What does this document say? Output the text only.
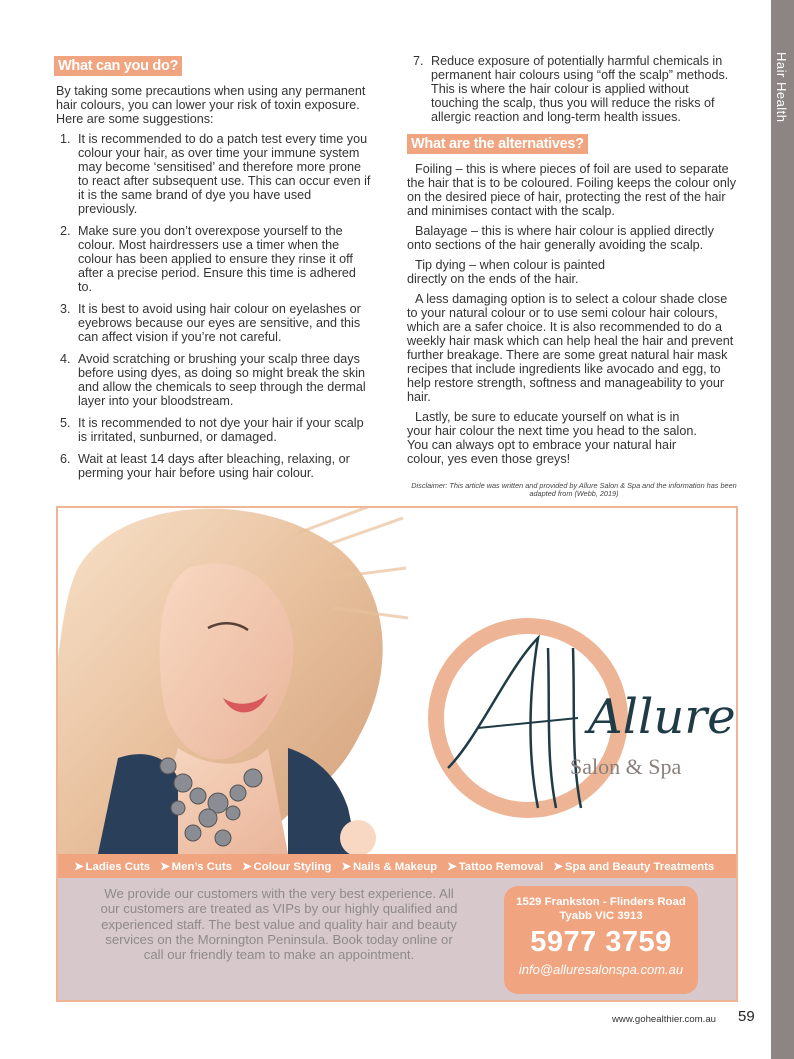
Hair Health
What can you do?

By taking some precautions when using any permanent hair colours, you can lower your risk of toxin exposure. Here are some suggestions:

1. It is recommended to do a patch test every time you colour your hair, as over time your immune system may become ‘sensitised’ and therefore more prone to react after subsequent use. This can occur even if it is the same brand of dye you have used previously.
2. Make sure you don’t overexpose yourself to the colour. Most hairdressers use a timer when the colour has been applied to ensure they rinse it off after a precise period. Ensure this time is adhered to.
3. It is best to avoid using hair colour on eyelashes or eyebrows because our eyes are sensitive, and this can affect vision if you’re not careful.
4. Avoid scratching or brushing your scalp three days before using dyes, as doing so might break the skin and allow the chemicals to seep through the dermal layer into your bloodstream.
5. It is recommended to not dye your hair if your scalp is irritated, sunburned, or damaged.
6. Wait at least 14 days after bleaching, relaxing, or perming your hair before using hair colour.
7. Reduce exposure of potentially harmful chemicals in permanent hair colours using “off the scalp” methods. This is where the hair colour is applied without touching the scalp, thus you will reduce the risks of allergic reaction and long-term health issues.
What are the alternatives?

Foiling – this is where pieces of foil are used to separate the hair that is to be coloured. Foiling keeps the colour only on the desired piece of hair, protecting the rest of the hair and minimises contact with the scalp.

Balayage – this is where hair colour is applied directly onto sections of the hair generally avoiding the scalp.

Tip dying – when colour is painted directly on the ends of the hair.

A less damaging option is to select a colour shade close to your natural colour or to use semi colour hair colours, which are a safer choice. It is also recommended to do a weekly hair mask which can help heal the hair and prevent further breakage. There are some great natural hair mask recipes that include ingredients like avocado and egg, to help restore strength, softness and manageability to your hair.

Lastly, be sure to educate yourself on what is in your hair colour the next time you head to the salon. You can always opt to embrace your natural hair colour, yes even those greys!

Disclaimer: This article was written and provided by Allure Salon & Spa and the information has been adapted from (Webb, 2019)
Allure
Salon & Spa
➤ Ladies Cuts ➤ Men’s Cuts ➤ Colour Styling ➤ Nails & Makeup ➤ Tattoo Removal ➤ Spa and Beauty Treatments
We provide our customers with the very best experience. All our customers are treated as VIPs by our highly qualified and experienced staff. The best value and quality hair and beauty services on the Mornington Peninsula. Book today online or call our friendly team to make an appointment.
1529 Frankston - Flinders Road
Tyabb VIC 3913
5977 3759
info@alluresalonspa.com.au
www.gohealthier.com.au 59
